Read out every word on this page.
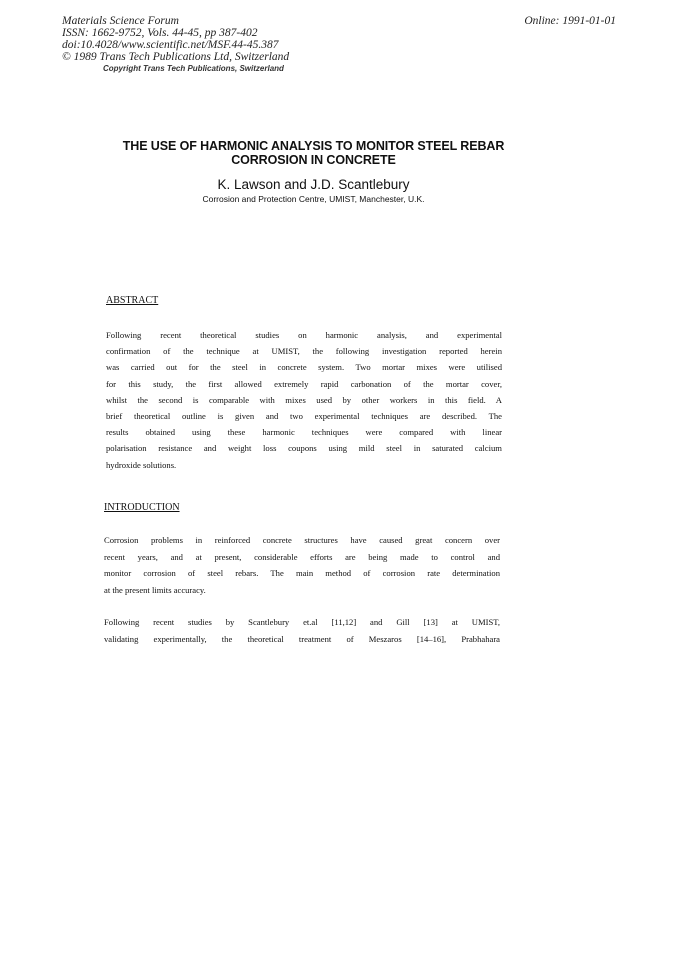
Materials Science Forum
ISSN: 1662-9752, Vols. 44-45, pp 387-402
doi:10.4028/www.scientific.net/MSF.44-45.387
© 1989 Trans Tech Publications Ltd, Switzerland
Online: 1991-01-01
Copyright Trans Tech Publications, Switzerland
THE USE OF HARMONIC ANALYSIS TO MONITOR STEEL REBAR
CORROSION IN CONCRETE
K. Lawson and J.D. Scantlebury
Corrosion and Protection Centre, UMIST, Manchester, U.K.
ABSTRACT
Following recent theoretical studies on harmonic analysis, and experimental
confirmation of the technique at UMIST, the following investigation reported herein
was carried out for the steel in concrete system. Two mortar mixes were utilised
for this study, the first allowed extremely rapid carbonation of the mortar cover,
whilst the second is comparable with mixes used by other workers in this field. A
brief theoretical outline is given and two experimental techniques are described. The
results obtained using these harmonic techniques were compared with linear
polarisation resistance and weight loss coupons using mild steel in saturated calcium
hydroxide solutions.
INTRODUCTION
Corrosion problems in reinforced concrete structures have caused great concern over
recent years, and at present, considerable efforts are being made to control and
monitor corrosion of steel rebars. The main method of corrosion rate determination
at the present limits accuracy.
Following recent studies by Scantlebury et.al [11,12] and Gill [13] at UMIST,
validating experimentally, the theoretical treatment of Meszaros [14–16], Prabhahara
